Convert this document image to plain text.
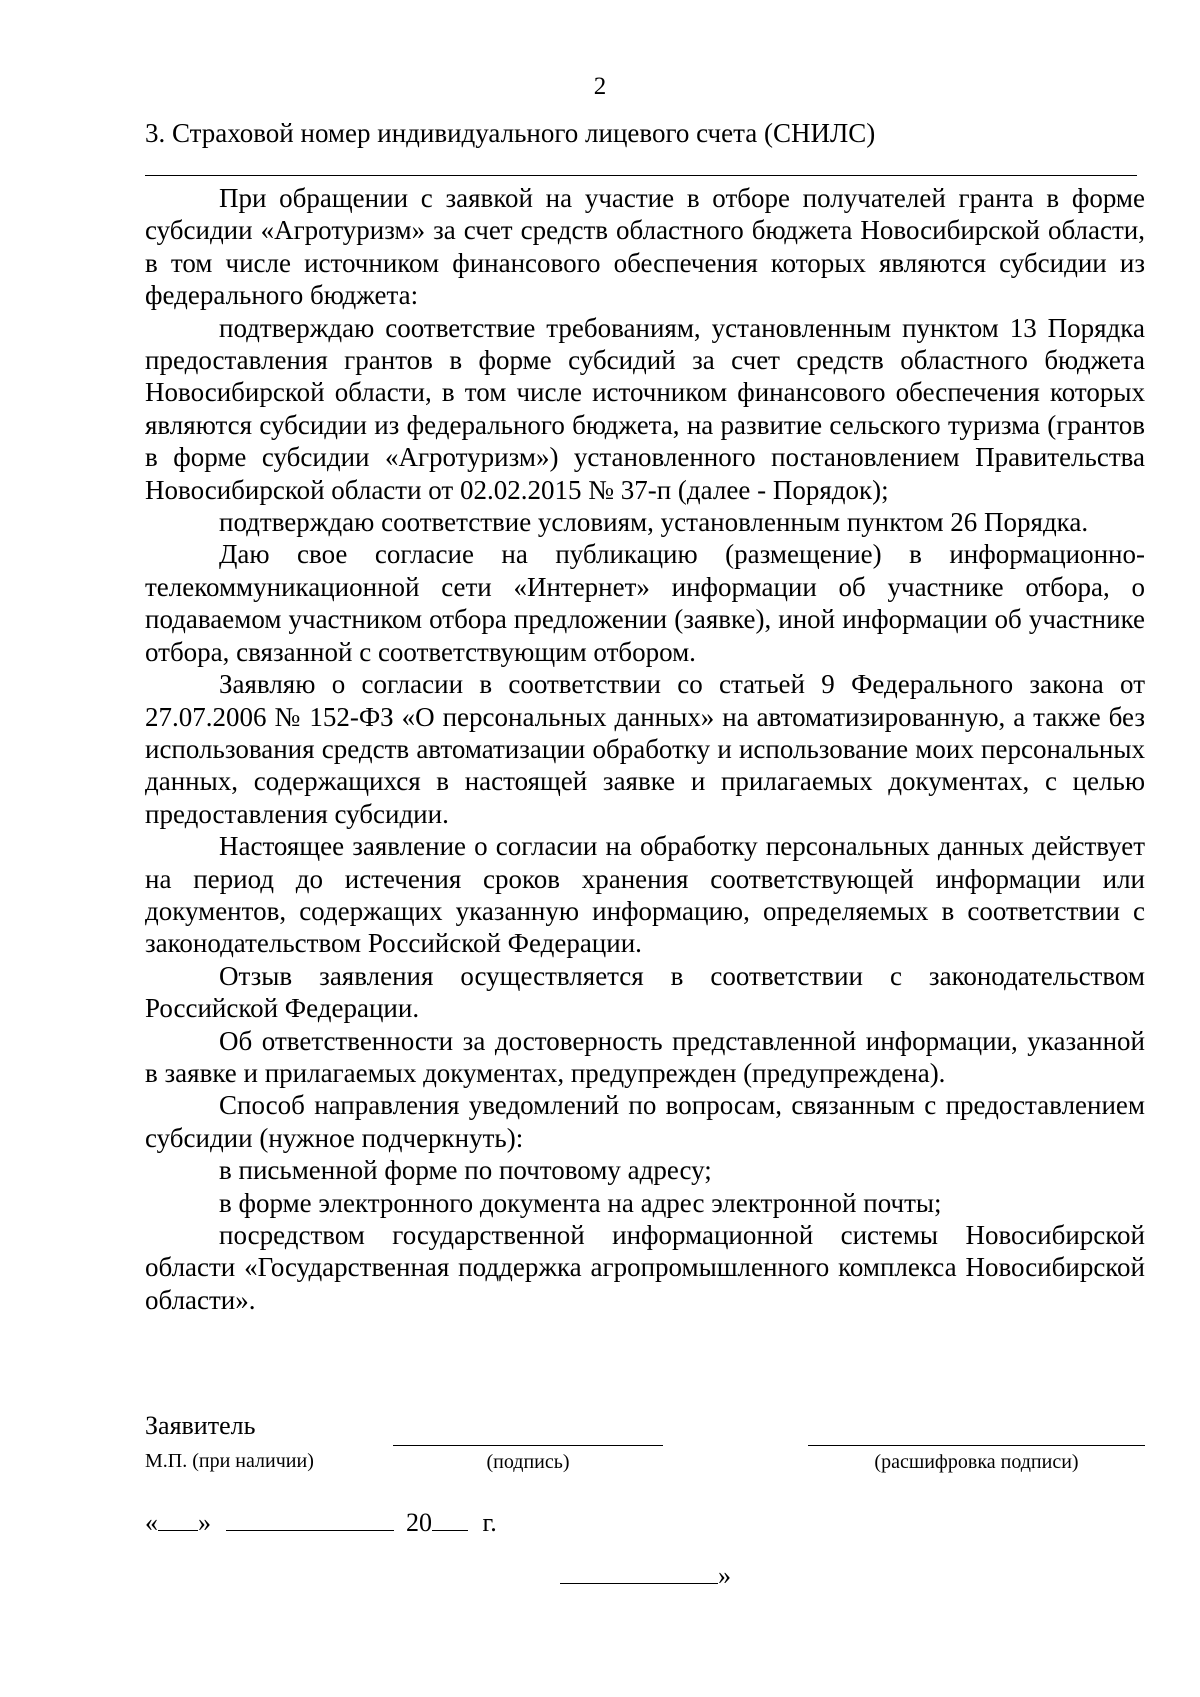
2
3. Страховой номер индивидуального лицевого счета (СНИЛС)

При обращении с заявкой на участие в отборе получателей гранта в форме субсидии «Агротуризм» за счет средств областного бюджета Новосибирской области, в том числе источником финансового обеспечения которых являются субсидии из федерального бюджета:

подтверждаю соответствие требованиям, установленным пунктом 13 Порядка предоставления грантов в форме субсидий за счет средств областного бюджета Новосибирской области, в том числе источником финансового обеспечения которых являются субсидии из федерального бюджета, на развитие сельского туризма (грантов в форме субсидии «Агротуризм») установленного постановлением Правительства Новосибирской области от 02.02.2015 № 37-п (далее - Порядок);

подтверждаю соответствие условиям, установленным пунктом 26 Порядка.

Даю свое согласие на публикацию (размещение) в информационно-телекоммуникационной сети «Интернет» информации об участнике отбора, о подаваемом участником отбора предложении (заявке), иной информации об участнике отбора, связанной с соответствующим отбором.

Заявляю о согласии в соответствии со статьей 9 Федерального закона от 27.07.2006 № 152-ФЗ «О персональных данных» на автоматизированную, а также без использования средств автоматизации обработку и использование моих персональных данных, содержащихся в настоящей заявке и прилагаемых документах, с целью предоставления субсидии.

Настоящее заявление о согласии на обработку персональных данных действует на период до истечения сроков хранения соответствующей информации или документов, содержащих указанную информацию, определяемых в соответствии с законодательством Российской Федерации.

Отзыв заявления осуществляется в соответствии с законодательством Российской Федерации.

Об ответственности за достоверность представленной информации, указанной в заявке и прилагаемых документах, предупрежден (предупреждена).

Способ направления уведомлений по вопросам, связанным с предоставлением субсидии (нужное подчеркнуть):

в письменной форме по почтовому адресу;

в форме электронного документа на адрес электронной почты;

посредством государственной информационной системы Новосибирской области «Государственная поддержка агропромышленного комплекса Новосибирской области».

Заявитель
М.П. (при наличии)	(подпись)	(расшифровка подписи)
« »	20 г.
»
